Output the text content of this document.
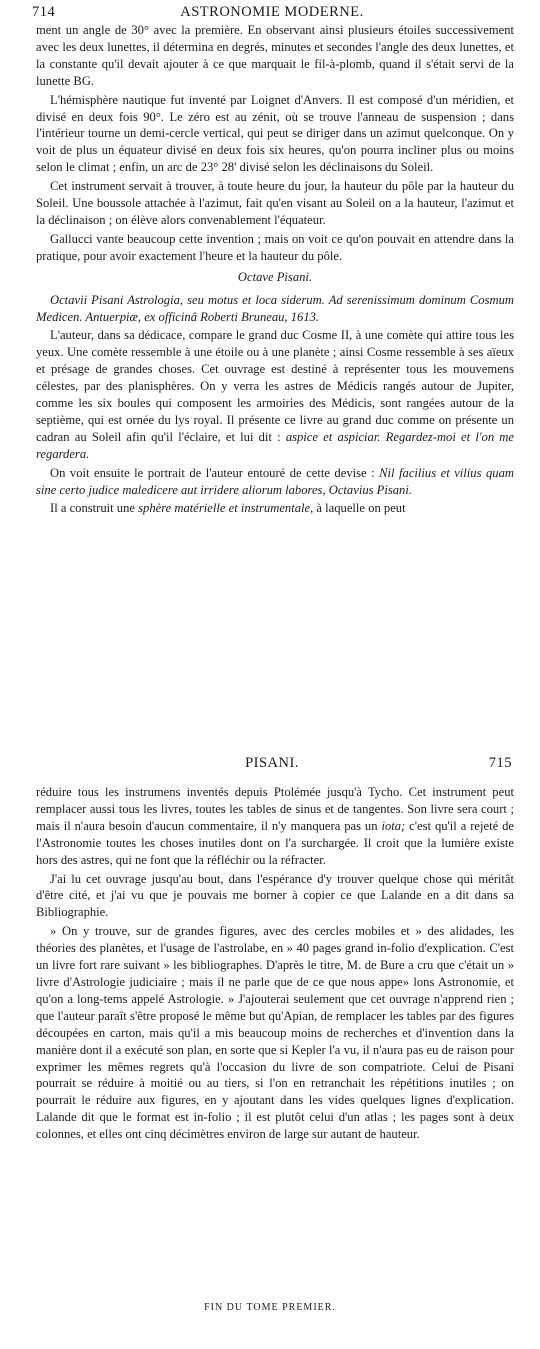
714	ASTRONOMIE MODERNE.

ment un angle de 30° avec la première. En observant ainsi plusieurs étoiles successivement avec les deux lunettes, il détermina en degrés, minutes et secondes l'angle des deux lunettes, et la constante qu'il devait ajouter à ce que marquait le fil-à-plomb, quand il s'était servi de la lunette BG.

L'hémisphère nautique fut inventé par Loignet d'Anvers. Il est composé d'un méridien, et divisé en deux fois 90°. Le zéro est au zénit, où se trouve l'anneau de suspension ; dans l'intérieur tourne un demi-cercle vertical, qui peut se diriger dans un azimut quelconque. On y voit de plus un équateur divisé en deux fois six heures, qu'on pourra incliner plus ou moins selon le climat ; enfin, un arc de 23° 28' divisé selon les déclinaisons du Soleil.

Cet instrument servait à trouver, à toute heure du jour, la hauteur du pôle par la hauteur du Soleil. Une boussole attachée à l'azimut, fait qu'en visant au Soleil on a la hauteur, l'azimut et la déclinaison ; on élève alors convenablement l'équateur.

Gallucci vante beaucoup cette invention ; mais on voit ce qu'on pouvait en attendre dans la pratique, pour avoir exactement l'heure et la hauteur du pôle.

Octave Pisani.

Octavii Pisani Astrologia, seu motus et loca siderum. Ad serenissimum dominum Cosmum Medicen. Antuerpiæ, ex officinâ Roberti Bruneau, 1613.

L'auteur, dans sa dédicace, compare le grand duc Cosme II, à une comète qui attire tous les yeux. Une comète ressemble à une étoile ou à une planète ; ainsi Cosme ressemble à ses aïeux et présage de grandes choses. Cet ouvrage est destiné à représenter tous les mouvemens célestes, par des planisphères. On y verra les astres de Médicis rangés autour de Jupiter, comme les six boules qui composent les armoiries des Médicis, sont rangées autour de la septième, qui est ornée du lys royal. Il présente ce livre au grand duc comme on présente un cadran au Soleil afin qu'il l'éclaire, et lui dit : aspice et aspiciar. Regardez-moi et l'on me regardera.

On voit ensuite le portrait de l'auteur entouré de cette devise : Nil facilius et vilius quam sine certo judice maledicere aut irridere aliorum labores, Octavius Pisani.

Il a construit une sphère matérielle et instrumentale, à laquelle on peut

PISANI.	715

réduire tous les instrumens inventés depuis Ptolémée jusqu'à Tycho. Cet instrument peut remplacer aussi tous les livres, toutes les tables de sinus et de tangentes. Son livre sera court ; mais il n'aura besoin d'aucun commentaire, il n'y manquera pas un iota; c'est qu'il a rejeté de l'Astronomie toutes les choses inutiles dont on l'a surchargée. Il croit que la lumière existe hors des astres, qui ne font que la réfléchir ou la réfracter.

J'ai lu cet ouvrage jusqu'au bout, dans l'espérance d'y trouver quelque chose qui méritât d'être cité, et j'ai vu que je pouvais me borner à copier ce que Lalande en a dit dans sa Bibliographie.

» On y trouve, sur de grandes figures, avec des cercles mobiles et » des alidades, les théories des planètes, et l'usage de l'astrolabe, en » 40 pages grand in-folio d'explication. C'est un livre fort rare suivant » les bibliographes. D'après le titre, M. de Bure a cru que c'était un » livre d'Astrologie judiciaire ; mais il ne parle que de ce que nous appe» lons Astronomie, et qu'on a long-tems appelé Astrologie. » J'ajouterai seulement que cet ouvrage n'apprend rien ; que l'auteur paraît s'être proposé le même but qu'Apian, de remplacer les tables par des figures découpées en carton, mais qu'il a mis beaucoup moins de recherches et d'invention dans la manière dont il a exécuté son plan, en sorte que si Kepler l'a vu, il n'aura pas eu de raison pour exprimer les mêmes regrets qu'à l'occasion du livre de son compatriote. Celui de Pisani pourrait se réduire à moitié ou au tiers, si l'on en retranchait les répétitions inutiles ; on pourrait le réduire aux figures, en y ajoutant dans les vides quelques lignes d'explication. Lalande dit que le format est in-folio ; il est plutôt celui d'un atlas ; les pages sont à deux colonnes, et elles ont cinq décimètres environ de large sur autant de hauteur.

FIN DU TOME PREMIER.
